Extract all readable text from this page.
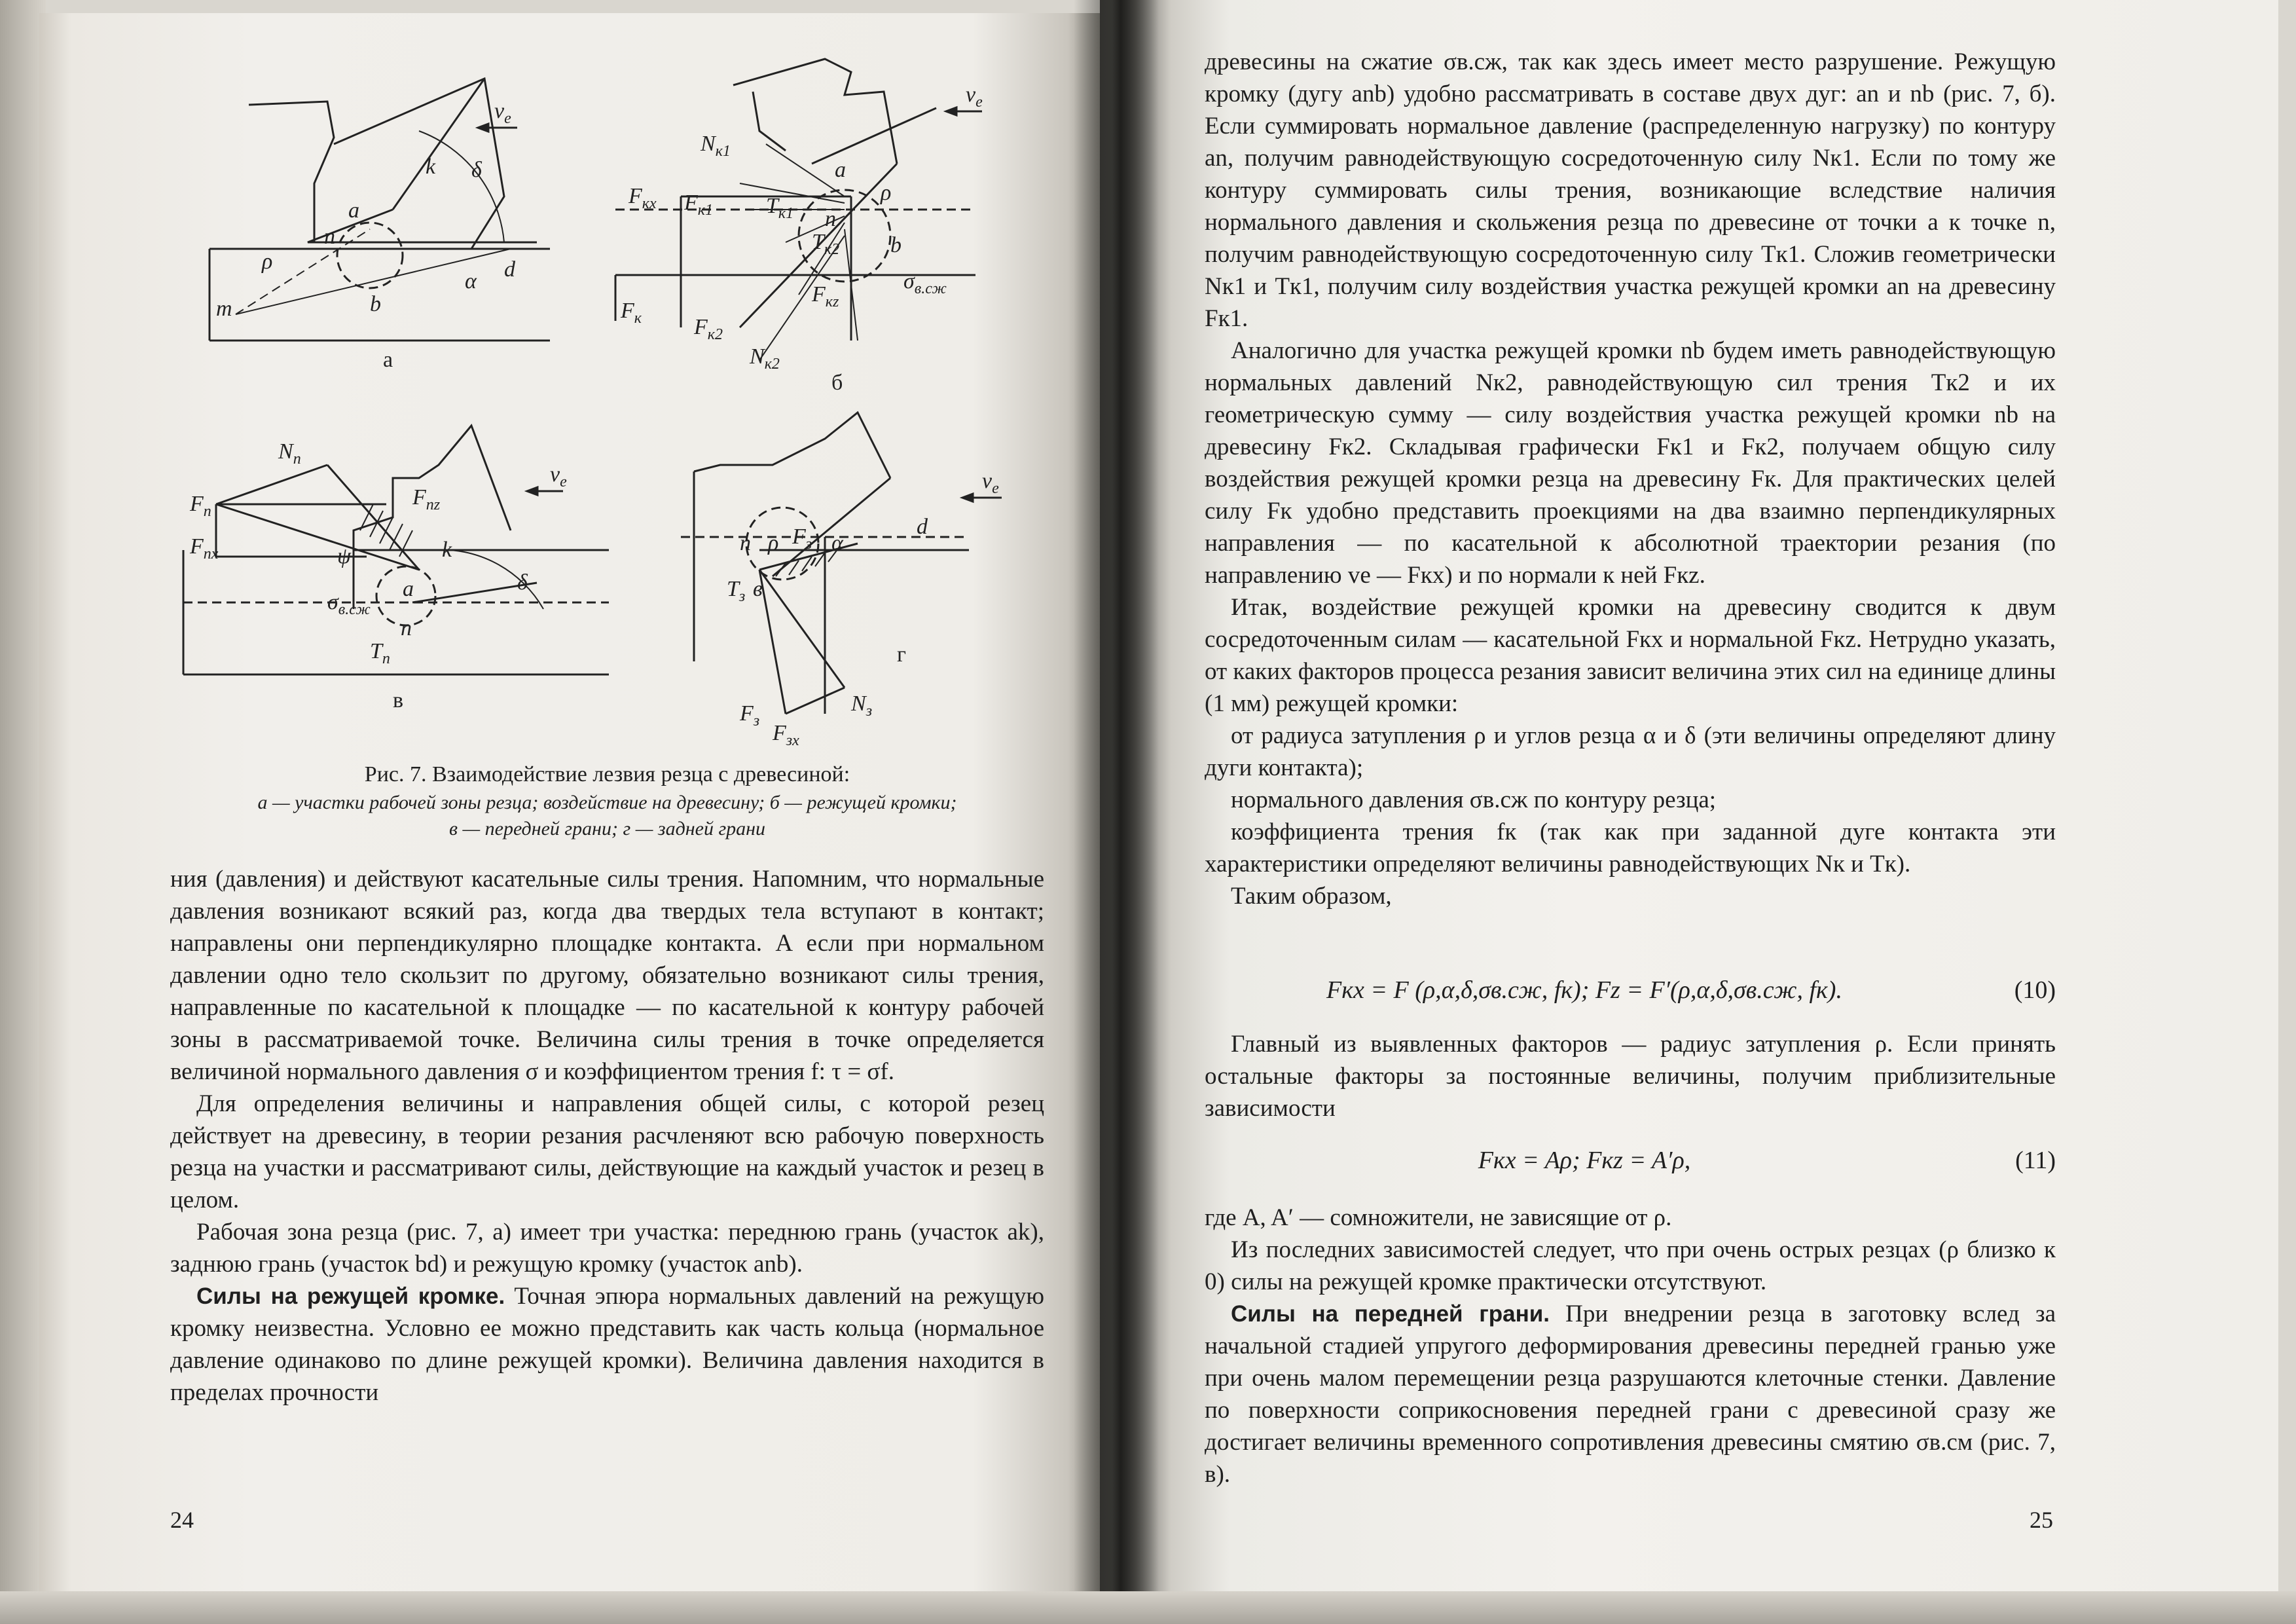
$v_e$
k
a
n
b
d
m
ρ
α
δ
а
$v_e$
$N_{к1}$
$F_{кx}$ $F_{к1}$ $T_{к1}$
$T_{к2}$
a
n
b
ρ
$\sigma_{в.сж}$
$F_к$ $F_{к2}$
$N_{к2}$
$F_{кz}$
б
$N_п$
$F_п$
$F_{пx}$
$F_{пz}$
$v_e$
ψ	k
a
n
$T_п$
$\sigma_{в.сж}$
δ
в
$v_e$
n ρ $F_з$ α
d
$T_з$ в
$F_з$ $F_{зx}$
$N_з$
г
Рис. 7. Взаимодействие лезвия резца с древесиной:
а — участки рабочей зоны резца; воздействие на древесину; б — режущей кромки;
в — передней грани; г — задней грани

ния (давления) и действуют касательные силы трения. Напомним, что нормальные давления возникают всякий раз, когда два твердых тела вступают в контакт; направлены они перпендикулярно площадке контакта. А если при нормальном давлении одно тело скользит по другому, обязательно возникают силы трения, направленные по касательной к площадке — по касательной к контуру рабочей зоны в рассматриваемой точке. Величина силы трения в точке определяется величиной нормального давления σ и коэффициентом трения f: τ = σf.

Для определения величины и направления общей силы, с которой резец действует на древесину, в теории резания расчленяют всю рабочую поверхность резца на участки и рассматривают силы, действующие на каждый участок и резец в целом.

Рабочая зона резца (рис. 7, а) имеет три участка: переднюю грань (участок ak), заднюю грань (участок bd) и режущую кромку (участок anb).

Силы на режущей кромке. Точная эпюра нормальных давлений на режущую кромку неизвестна. Условно ее можно представить как часть кольца (нормальное давление одинаково по длине режущей кромки). Величина давления находится в пределах прочности

24

древесины на сжатие σв.сж, так как здесь имеет место разрушение. Режущую кромку (дугу anb) удобно рассматривать в составе двух дуг: an и nb (рис. 7, б). Если суммировать нормальное давление (распределенную нагрузку) по контуру an, получим равнодействующую сосредоточенную силу Nк1. Если по тому же контуру суммировать силы трения, возникающие вследствие наличия нормального давления и скольжения резца по древесине от точки a к точке n, получим равнодействующую сосредоточенную силу Tк1. Сложив геометрически Nк1 и Tк1, получим силу воздействия участка режущей кромки an на древесину Fк1.

Аналогично для участка режущей кромки nb будем иметь равнодействующую нормальных давлений Nк2, равнодействующую сил трения Tк2 и их геометрическую сумму — силу воздействия участка режущей кромки nb на древесину Fк2. Складывая графически Fк1 и Fк2, получаем общую силу воздействия режущей кромки резца на древесину Fк. Для практических целей силу Fк удобно представить проекциями на два взаимно перпендикулярных направления — по касательной к абсолютной траектории резания (по направлению ve — Fкx) и по нормали к ней Fкz.

Итак, воздействие режущей кромки на древесину сводится к двум сосредоточенным силам — касательной Fкx и нормальной Fкz. Нетрудно указать, от каких факторов процесса резания зависит величина этих сил на единице длины (1 мм) режущей кромки:

от радиуса затупления ρ и углов резца α и δ (эти величины определяют длину дуги контакта);

нормального давления σв.сж по контуру резца;

коэффициента трения fк (так как при заданной дуге контакта эти характеристики определяют величины равнодействующих Nк и Tк).

Таким образом,

Fкx = F (ρ,α,δ,σв.сж, fк); Fz = F′(ρ,α,δ,σв.сж, fк).	(10)

Главный из выявленных факторов — радиус затупления ρ. Если принять остальные факторы за постоянные величины, получим приблизительные зависимости

Fкx = Aρ; Fкz = A′ρ,	(11)

где A, A′ — сомножители, не зависящие от ρ.

Из последних зависимостей следует, что при очень острых резцах (ρ близко к 0) силы на режущей кромке практически отсутствуют.

Силы на передней грани. При внедрении резца в заготовку вслед за начальной стадией упругого деформирования древесины передней гранью уже при очень малом перемещении резца разрушаются клеточные стенки. Давление по поверхности соприкосновения передней грани с древесиной сразу же достигает величины временного сопротивления древесины смятию σв.см (рис. 7, в).

25
